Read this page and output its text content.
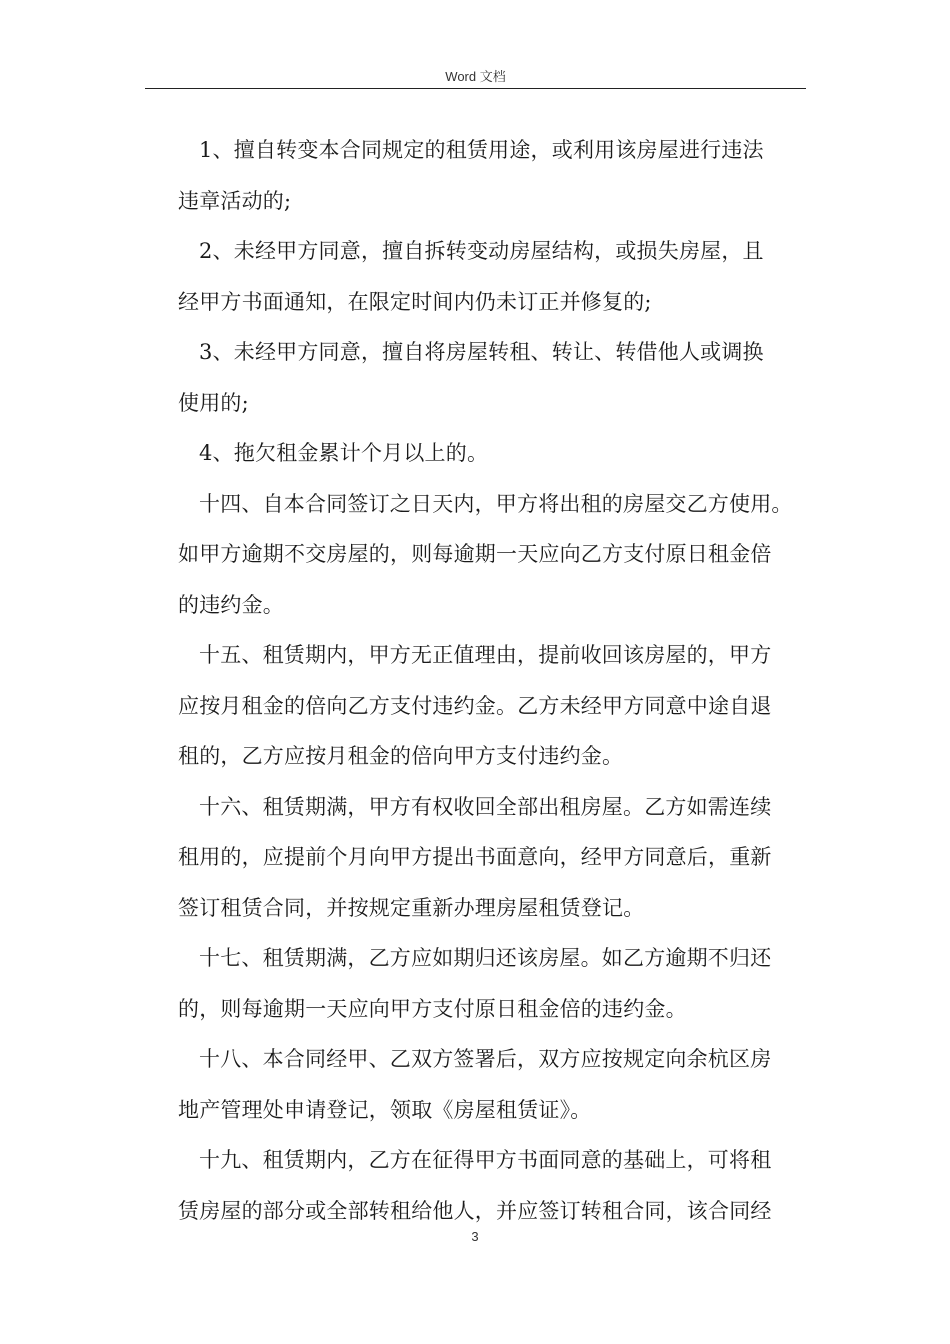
Word 文档
1、擅自转变本合同规定的租赁用途，或利用该房屋进行违法
违章活动的;
2、未经甲方同意，擅自拆转变动房屋结构，或损失房屋，且
经甲方书面通知，在限定时间内仍未订正并修复的;
3、未经甲方同意，擅自将房屋转租、转让、转借他人或调换
使用的;
4、拖欠租金累计个月以上的。
十四、自本合同签订之日天内，甲方将出租的房屋交乙方使用。
如甲方逾期不交房屋的，则每逾期一天应向乙方支付原日租金倍
的违约金。
十五、租赁期内，甲方无正值理由，提前收回该房屋的，甲方
应按月租金的倍向乙方支付违约金。乙方未经甲方同意中途自退
租的，乙方应按月租金的倍向甲方支付违约金。
十六、租赁期满，甲方有权收回全部出租房屋。乙方如需连续
租用的，应提前个月向甲方提出书面意向，经甲方同意后，重新
签订租赁合同，并按规定重新办理房屋租赁登记。
十七、租赁期满，乙方应如期归还该房屋。如乙方逾期不归还
的，则每逾期一天应向甲方支付原日租金倍的违约金。
十八、本合同经甲、乙双方签署后，双方应按规定向余杭区房
地产管理处申请登记，领取《房屋租赁证》。
十九、租赁期内，乙方在征得甲方书面同意的基础上，可将租
赁房屋的部分或全部转租给他人，并应签订转租合同，该合同经
3
